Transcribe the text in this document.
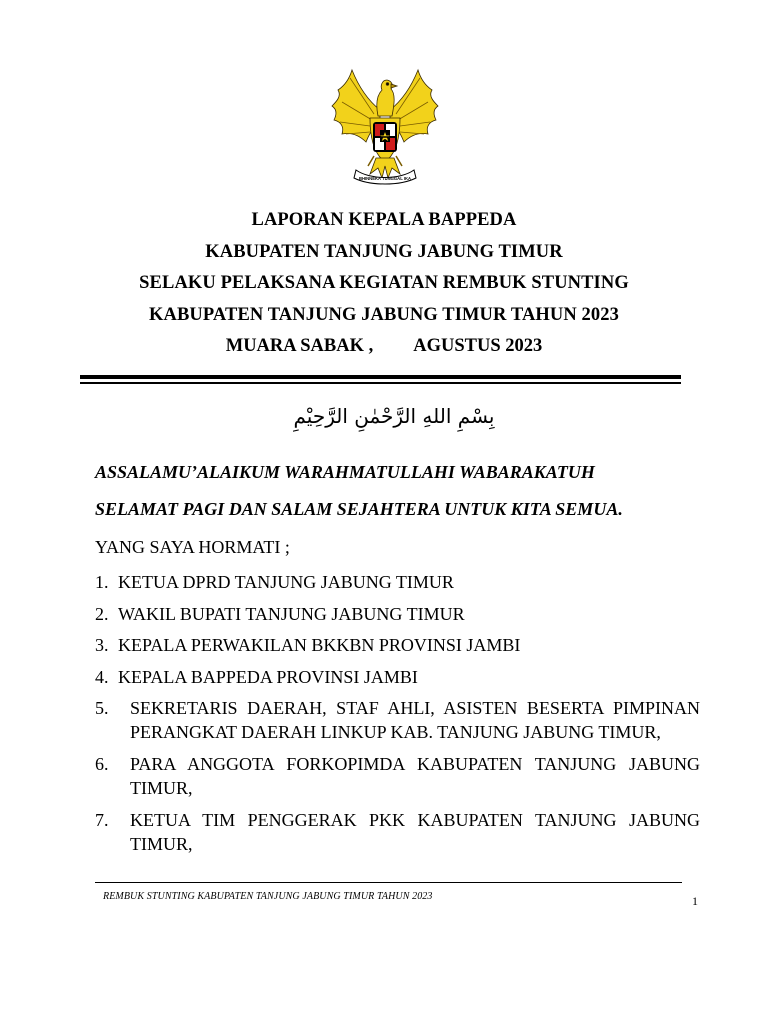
BHINNEKA TUNGGAL IKA
LAPORAN KEPALA BAPPEDA
KABUPATEN TANJUNG JABUNG TIMUR
SELAKU PELAKSANA KEGIATAN REMBUK STUNTING
KABUPATEN TANJUNG JABUNG TIMUR TAHUN 2023
MUARA SABAK , AGUSTUS 2023
بِسْمِ اللهِ الرَّحْمٰنِ الرَّحِيْمِ
ASSALAMU’ALAIKUM WARAHMATULLAHI WABARAKATUH
SELAMAT PAGI DAN SALAM SEJAHTERA UNTUK KITA SEMUA.
YANG SAYA HORMATI ;
1. KETUA DPRD TANJUNG JABUNG TIMUR
2. WAKIL BUPATI TANJUNG JABUNG TIMUR
3. KEPALA PERWAKILAN BKKBN PROVINSI JAMBI
4. KEPALA BAPPEDA PROVINSI JAMBI
5. SEKRETARIS DAERAH, STAF AHLI, ASISTEN BESERTA PIMPINAN PERANGKAT DAERAH LINKUP KAB. TANJUNG JABUNG TIMUR,
6. PARA ANGGOTA FORKOPIMDA KABUPATEN TANJUNG JABUNG TIMUR,
7. KETUA TIM PENGGERAK PKK KABUPATEN TANJUNG JABUNG TIMUR,
REMBUK STUNTING KABUPATEN TANJUNG JABUNG TIMUR TAHUN 2023	1
